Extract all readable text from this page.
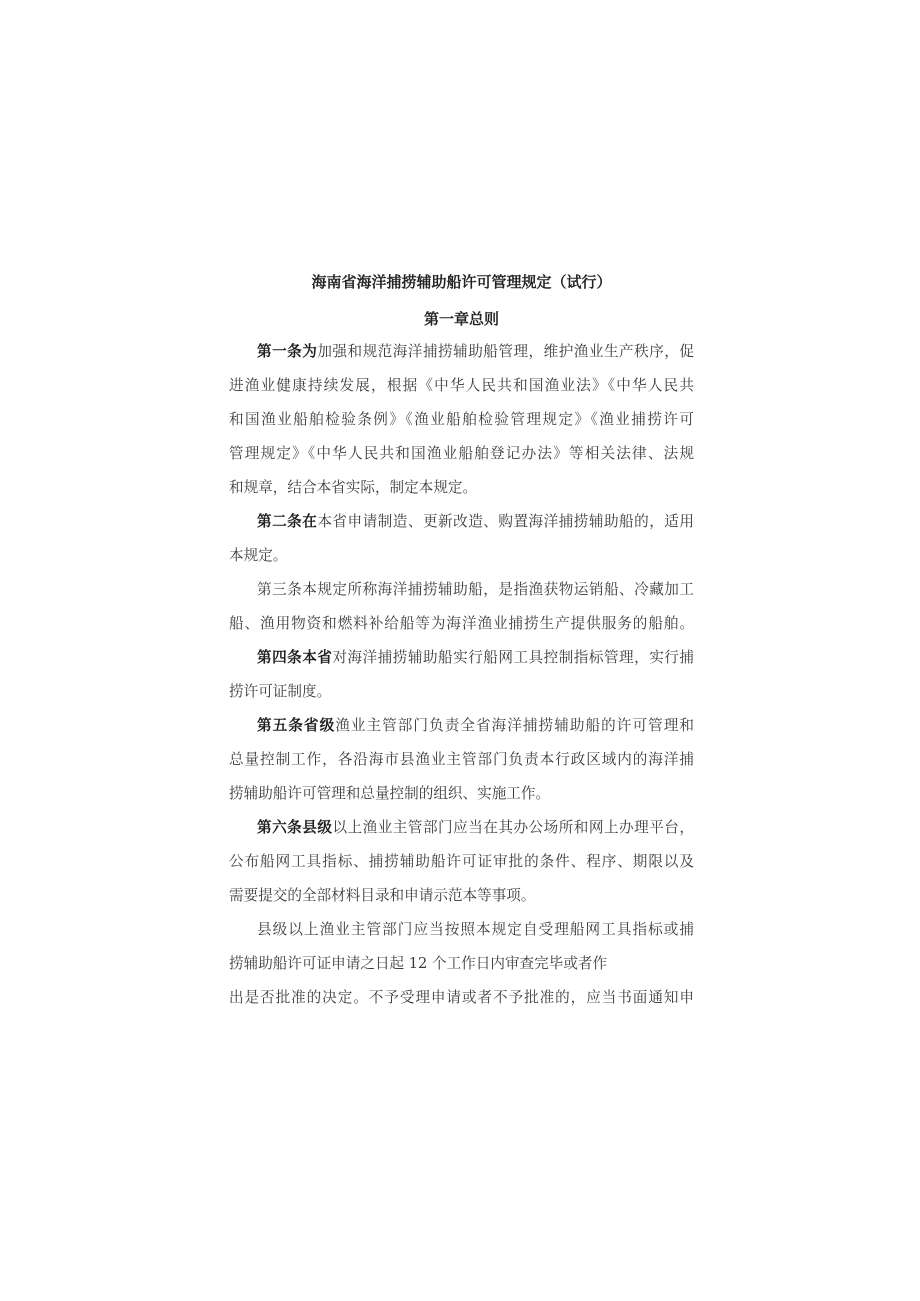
海南省海洋捕捞辅助船许可管理规定（试行）
第一章总则
第一条为加强和规范海洋捕捞辅助船管理，维护渔业生产秩序，促
进渔业健康持续发展，根据《中华人民共和国渔业法》《中华人民共
和国渔业船舶检验条例》《渔业船舶检验管理规定》《渔业捕捞许可
管理规定》《中华人民共和国渔业船舶登记办法》等相关法律、法规
和规章，结合本省实际，制定本规定。
第二条在本省申请制造、更新改造、购置海洋捕捞辅助船的，适用
本规定。
第三条本规定所称海洋捕捞辅助船，是指渔获物运销船、冷藏加工
船、渔用物资和燃料补给船等为海洋渔业捕捞生产提供服务的船舶。
第四条本省对海洋捕捞辅助船实行船网工具控制指标管理，实行捕
捞许可证制度。
第五条省级渔业主管部门负责全省海洋捕捞辅助船的许可管理和
总量控制工作，各沿海市县渔业主管部门负责本行政区域内的海洋捕
捞辅助船许可管理和总量控制的组织、实施工作。
第六条县级以上渔业主管部门应当在其办公场所和网上办理平台，
公布船网工具指标、捕捞辅助船许可证审批的条件、程序、期限以及
需要提交的全部材料目录和申请示范本等事项。
县级以上渔业主管部门应当按照本规定自受理船网工具指标或捕
捞辅助船许可证申请之日起 12 个工作日内审查完毕或者作
出是否批准的决定。不予受理申请或者不予批准的，应当书面通知申
